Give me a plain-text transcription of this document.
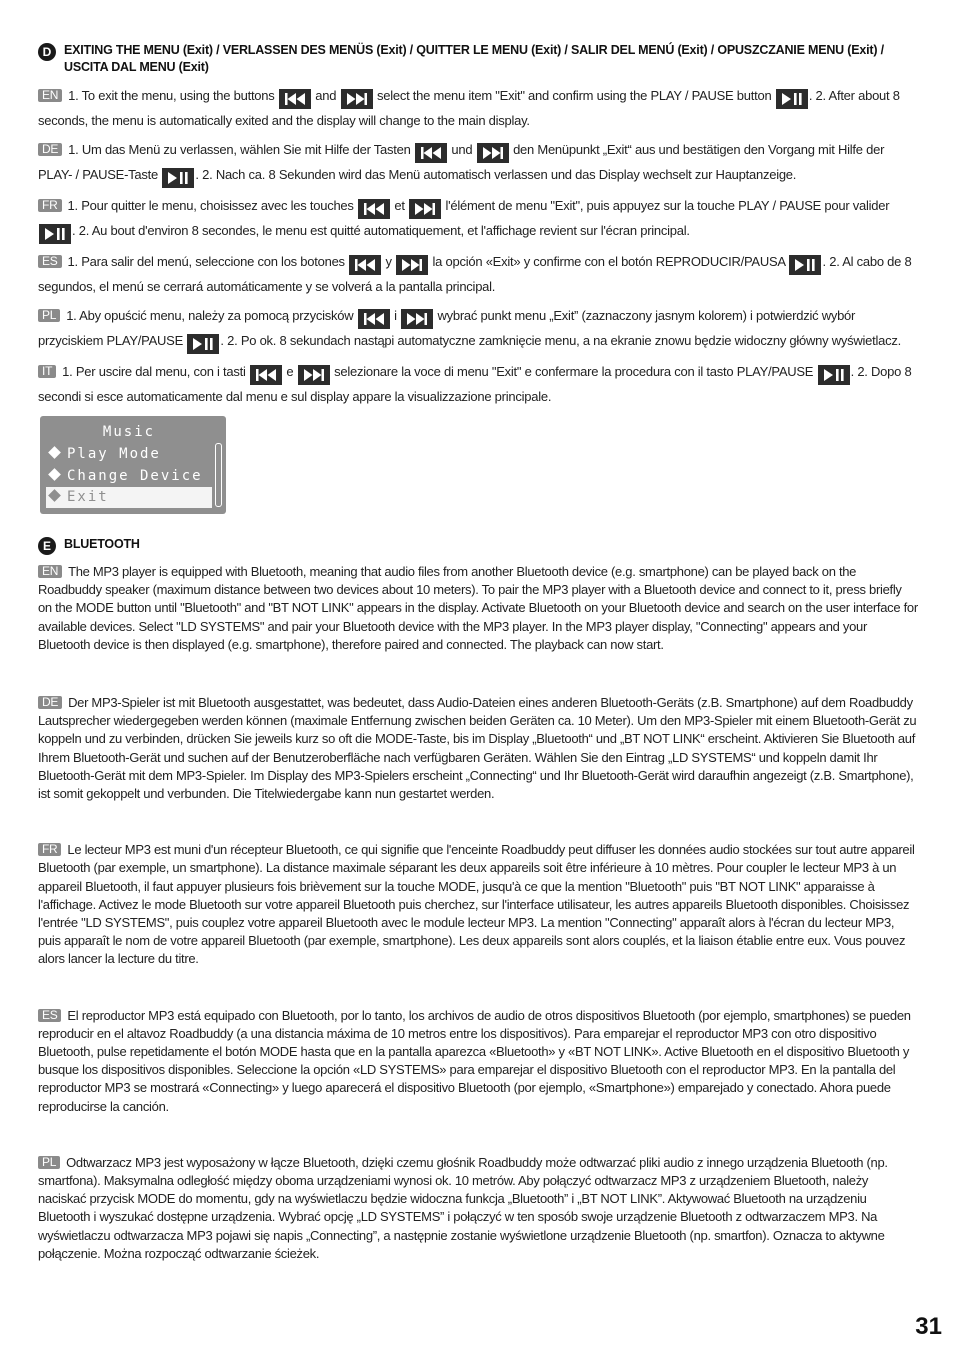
D	EXITING THE MENU (Exit) / VERLASSEN DES MENÜS (Exit) / QUITTER LE MENU (Exit) / SALIR DEL MENÚ (Exit) / OPUSZCZANIE MENU (Exit) / USCITA DAL MENU (Exit)

EN 1. To exit the menu, using the buttons	and	select the menu item "Exit" and confirm using the PLAY / PAUSE button	. 2. After about 8 seconds, the menu is automatically exited and the display will change to the main display.

DE 1. Um das Menü zu verlassen, wählen Sie mit Hilfe der Tasten	und	den Menüpunkt „Exit“ aus und bestätigen den Vorgang mit Hilfe der PLAY- / PAUSE-Taste	. 2. Nach ca. 8 Sekunden wird das Menü automatisch verlassen und das Display wechselt zur Hauptanzeige.

FR 1. Pour quitter le menu, choisissez avec les touches	et	l'élément de menu "Exit", puis appuyez sur la touche PLAY / PAUSE pour valider
. 2. Au bout d'environ 8 secondes, le menu est quitté automatiquement, et l'affichage revient sur l'écran principal.

ES 1. Para salir del menú, seleccione con los botones	y	la opción «Exit» y confirme con el botón REPRODUCIR/PAUSA	. 2. Al cabo de 8 segundos, el menú se cerrará automáticamente y se volverá a la pantalla principal.

PL 1. Aby opuścić menu, należy za pomocą przycisków	i	wybrać punkt menu „Exit” (zaznaczony jasnym kolorem) i potwierdzić wybór przyciskiem PLAY/PAUSE	. 2. Po ok. 8 sekundach nastąpi automatyczne zamknięcie menu, a na ekranie znowu będzie widoczny główny wyświetlacz.

IT 1. Per uscire dal menu, con i tasti	e	selezionare la voce di menu "Exit" e confermare la procedura con il tasto PLAY/PAUSE	. 2. Dopo 8 secondi si esce automaticamente dal menu e sul display appare la visualizzazione principale.

Music
Play Mode
Change Device
Exit
E	BLUETOOTH

EN The MP3 player is equipped with Bluetooth, meaning that audio files from another Bluetooth device (e.g. smartphone) can be played back on the Roadbuddy speaker (maximum distance between two devices about 10 meters). To pair the MP3 player with a Bluetooth device and connect to it, press briefly on the MODE button until "Bluetooth" and "BT NOT LINK" appears in the display. Activate Bluetooth on your Bluetooth device and search on the user interface for available devices. Select "LD SYSTEMS" and pair your Bluetooth device with the MP3 player. In the MP3 player display, "Connecting" appears and your Bluetooth device is then displayed (e.g. smartphone), therefore paired and connected. The playback can now start.

DE Der MP3-Spieler ist mit Bluetooth ausgestattet, was bedeutet, dass Audio-Dateien eines anderen Bluetooth-Geräts (z.B. Smartphone) auf dem Roadbuddy Lautsprecher wiedergegeben werden können (maximale Entfernung zwischen beiden Geräten ca. 10 Meter). Um den MP3-Spieler mit einem Bluetooth-Gerät zu koppeln und zu verbinden, drücken Sie jeweils kurz so oft die MODE-Taste, bis im Display „Bluetooth“ und „BT NOT LINK“ erscheint. Aktivieren Sie Bluetooth auf Ihrem Bluetooth-Gerät und suchen auf der Benutzeroberfläche nach verfügbaren Geräten. Wählen Sie den Eintrag „LD SYSTEMS“ und koppeln damit Ihr Bluetooth-Gerät mit dem MP3-Spieler. Im Display des MP3-Spielers erscheint „Connecting“ und Ihr Bluetooth-Gerät wird daraufhin angezeigt (z.B. Smartphone), ist somit gekoppelt und verbunden. Die Titelwiedergabe kann nun gestartet werden.

FR Le lecteur MP3 est muni d'un récepteur Bluetooth, ce qui signifie que l'enceinte Roadbuddy peut diffuser les données audio stockées sur tout autre appareil Bluetooth (par exemple, un smartphone). La distance maximale séparant les deux appareils soit être inférieure à 10 mètres. Pour coupler le lecteur MP3 à un appareil Bluetooth, il faut appuyer plusieurs fois brièvement sur la touche MODE, jusqu'à ce que la mention "Bluetooth" puis "BT NOT LINK" apparaisse à l'affichage. Activez le mode Bluetooth sur votre appareil Bluetooth puis cherchez, sur l'interface utilisateur, les autres appareils Bluetooth disponibles. Choisissez l'entrée "LD SYSTEMS", puis couplez votre appareil Bluetooth avec le module lecteur MP3. La mention "Connecting" apparaît alors à l'écran du lecteur MP3, puis apparaît le nom de votre appareil Bluetooth (par exemple, smartphone). Les deux appareils sont alors couplés, et la liaison établie entre eux. Vous pouvez alors lancer la lecture du titre.

ES El reproductor MP3 está equipado con Bluetooth, por lo tanto, los archivos de audio de otros dispositivos Bluetooth (por ejemplo, smartphones) se pueden reproducir en el altavoz Roadbuddy (a una distancia máxima de 10 metros entre los dispositivos). Para emparejar el reproductor MP3 con otro dispositivo Bluetooth, pulse repetidamente el botón MODE hasta que en la pantalla aparezca «Bluetooth» y «BT NOT LINK». Active Bluetooth en el dispositivo Bluetooth y busque los dispositivos disponibles. Seleccione la opción «LD SYSTEMS» para emparejar el dispositivo Bluetooth con el reproductor MP3. En la pantalla del reproductor MP3 se mostrará «Connecting» y luego aparecerá el dispositivo Bluetooth (por ejemplo, «Smartphone») emparejado y conectado. Ahora puede reproducirse la canción.

PL Odtwarzacz MP3 jest wyposażony w łącze Bluetooth, dzięki czemu głośnik Roadbuddy może odtwarzać pliki audio z innego urządzenia Bluetooth (np. smartfona). Maksymalna odległość między oboma urządzeniami wynosi ok. 10 metrów. Aby połączyć odtwarzacz MP3 z urządzeniem Bluetooth, należy naciskać przycisk MODE do momentu, gdy na wyświetlaczu będzie widoczna funkcja „Bluetooth” i „BT NOT LINK”. Aktywować Bluetooth na urządzeniu Bluetooth i wyszukać dostępne urządzenia. Wybrać opcję „LD SYSTEMS” i połączyć w ten sposób swoje urządzenie Bluetooth z odtwarzaczem MP3. Na wyświetlaczu odtwarzacza MP3 pojawi się napis „Connecting”, a następnie zostanie wyświetlone urządzenie Bluetooth (np. smartfon). Oznacza to aktywne połączenie. Można rozpocząć odtwarzanie ścieżek.

31
